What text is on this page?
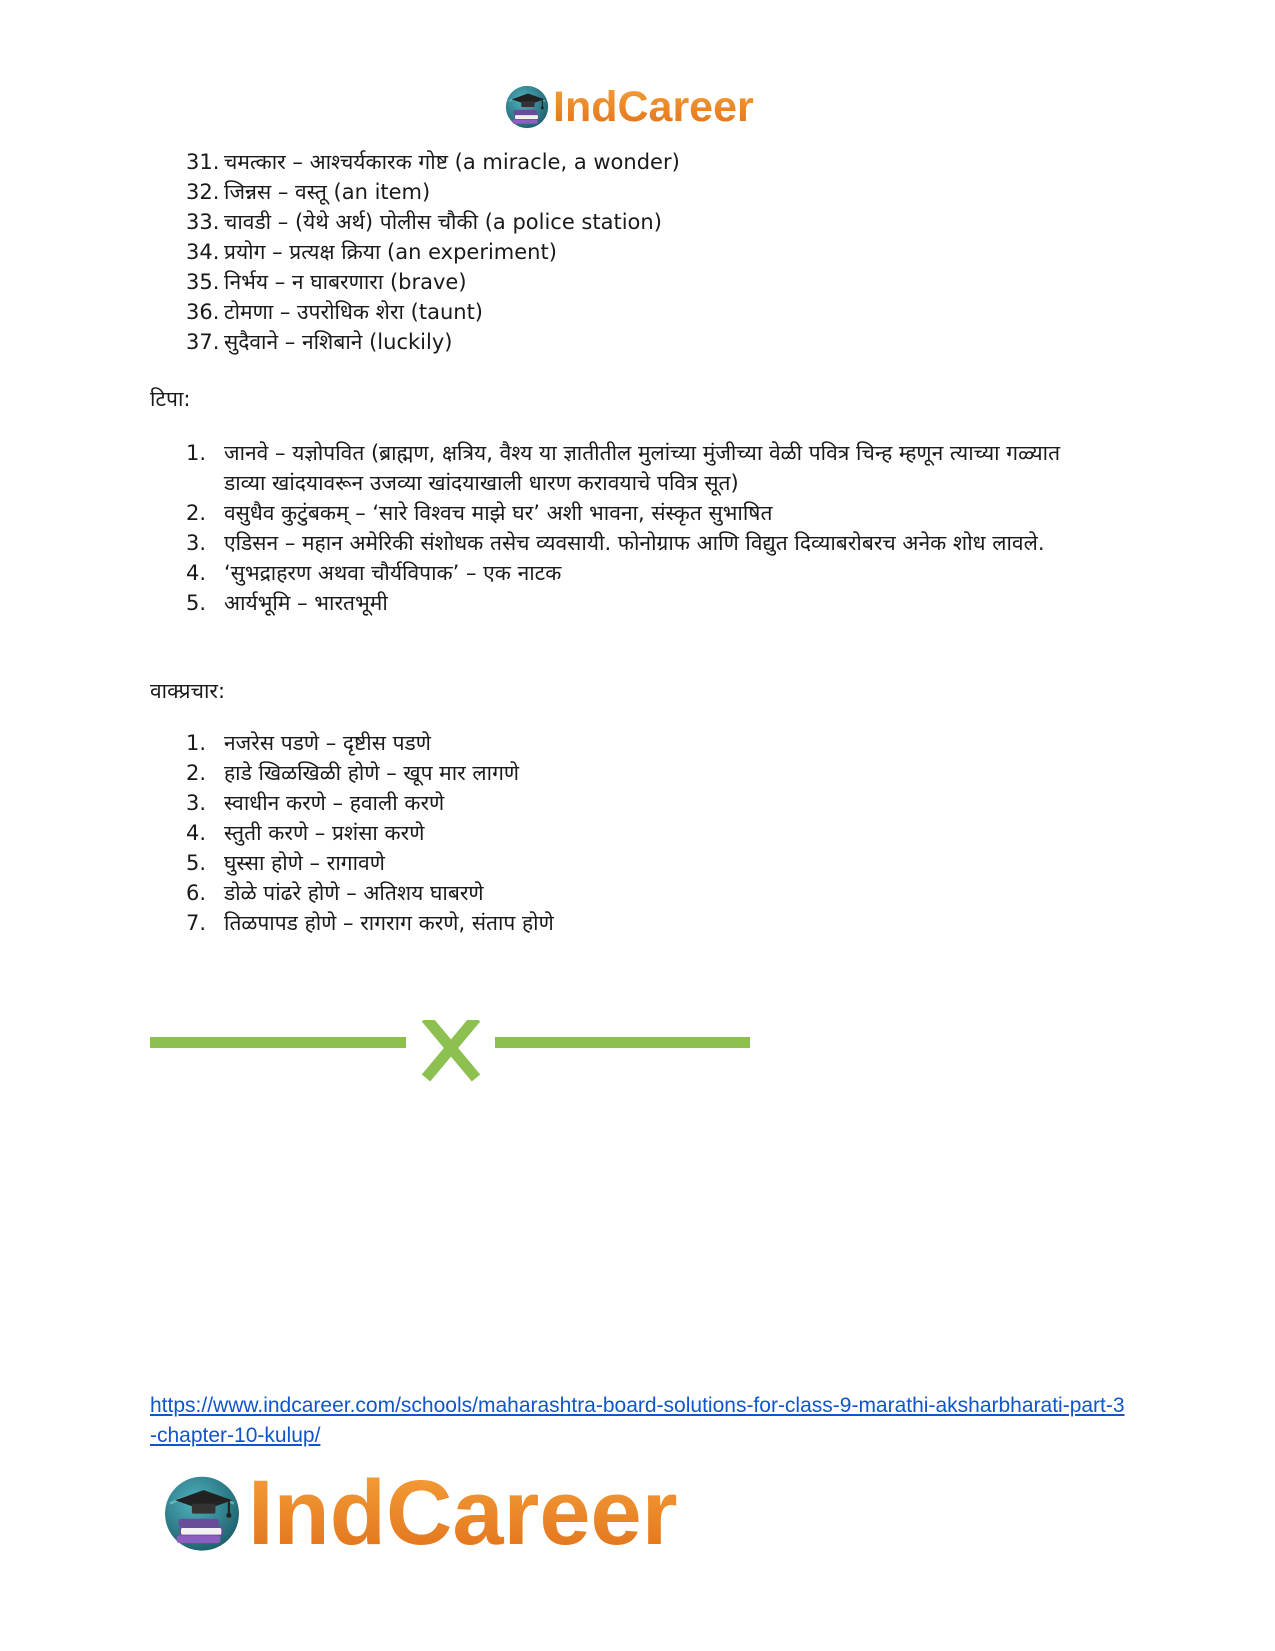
IndCareer
31. चमत्कार – आश्चर्यकारक गोष्ट (a miracle, a wonder)
32. जिन्नस – वस्तू (an item)
33. चावडी – (येथे अर्थ) पोलीस चौकी (a police station)
34. प्रयोग – प्रत्यक्ष क्रिया (an experiment)
35. निर्भय – न घाबरणारा (brave)
36. टोमणा – उपरोधिक शेरा (taunt)
37. सुदैवाने – नशिबाने (luckily)
टिपा:
1. जानवे – यज्ञोपवित (ब्राह्मण, क्षत्रिय, वैश्य या ज्ञातीतील मुलांच्या मुंजीच्या वेळी पवित्र चिन्ह म्हणून त्याच्या गळ्यात डाव्या खांदयावरून उजव्या खांदयाखाली धारण करावयाचे पवित्र सूत)
2. वसुधैव कुटुंबकम् – ‘सारे विश्वच माझे घर’ अशी भावना, संस्कृत सुभाषित
3. एडिसन – महान अमेरिकी संशोधक तसेच व्यवसायी. फोनोग्राफ आणि विद्युत दिव्याबरोबरच अनेक शोध लावले.
4. ‘सुभद्राहरण अथवा चौर्यविपाक’ – एक नाटक
5. आर्यभूमि – भारतभूमी
वाक्प्रचार:
1. नजरेस पडणे – दृष्टीस पडणे
2. हाडे खिळखिळी होणे – खूप मार लागणे
3. स्वाधीन करणे – हवाली करणे
4. स्तुती करणे – प्रशंसा करणे
5. घुस्सा होणे – रागावणे
6. डोळे पांढरे होणे – अतिशय घाबरणे
7. तिळपापड होणे – रागराग करणे, संताप होणे
https://www.indcareer.com/schools/maharashtra-board-solutions-for-class-9-marathi-aksharbharati-part-3-chapter-10-kulup/
IndCareer
